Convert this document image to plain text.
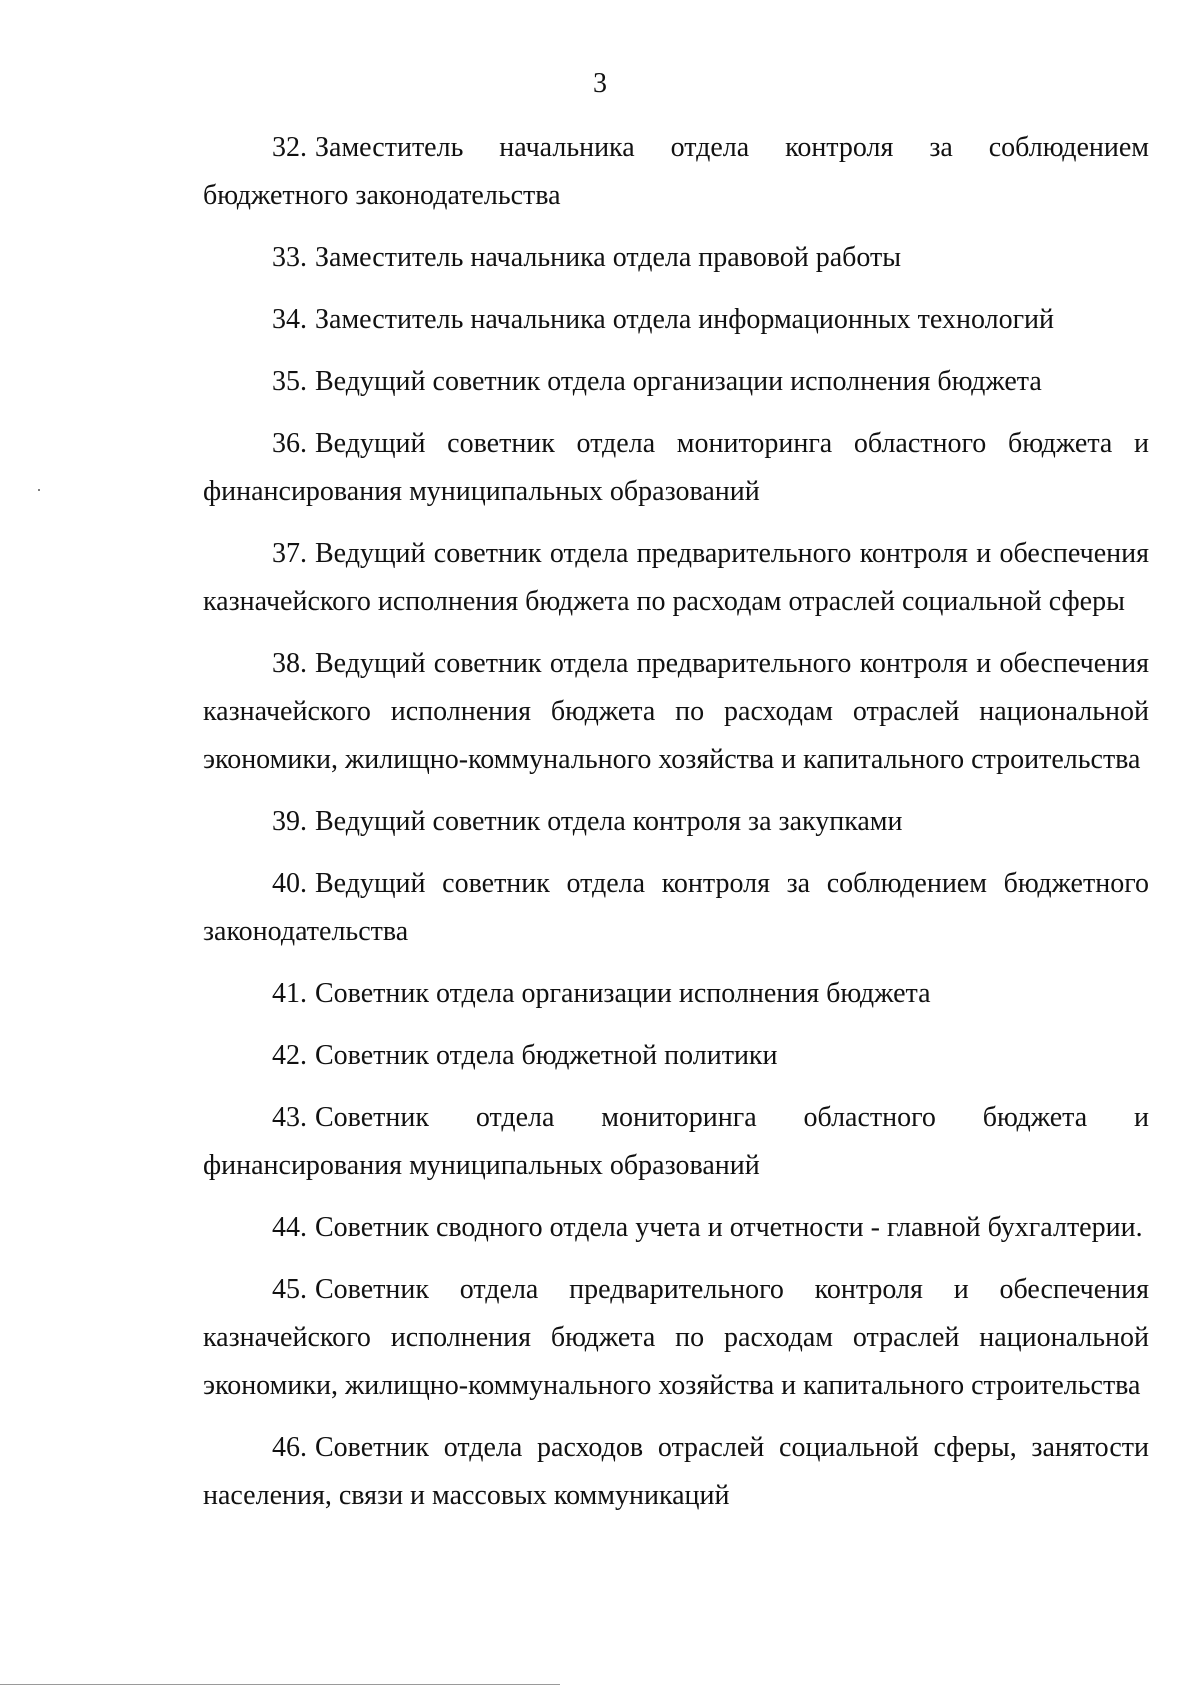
3

32. Заместитель начальника отдела контроля за соблюдением бюджетного законодательства

33. Заместитель начальника отдела правовой работы

34. Заместитель начальника отдела информационных технологий

35. Ведущий советник отдела организации исполнения бюджета

36. Ведущий советник отдела мониторинга областного бюджета и финансирования муниципальных образований

37. Ведущий советник отдела предварительного контроля и обеспечения казначейского исполнения бюджета по расходам отраслей социальной сферы

38. Ведущий советник отдела предварительного контроля и обеспечения казначейского исполнения бюджета по расходам отраслей национальной экономики, жилищно-коммунального хозяйства и капитального строительства

39. Ведущий советник отдела контроля за закупками

40. Ведущий советник отдела контроля за соблюдением бюджетного законодательства

41. Советник отдела организации исполнения бюджета

42. Советник отдела бюджетной политики

43. Советник отдела мониторинга областного бюджета и финансирования муниципальных образований

44. Советник сводного отдела учета и отчетности - главной бухгалтерии.

45. Советник отдела предварительного контроля и обеспечения казначейского исполнения бюджета по расходам отраслей национальной экономики, жилищно-коммунального хозяйства и капитального строительства

46. Советник отдела расходов отраслей социальной сферы, занятости населения, связи и массовых коммуникаций
